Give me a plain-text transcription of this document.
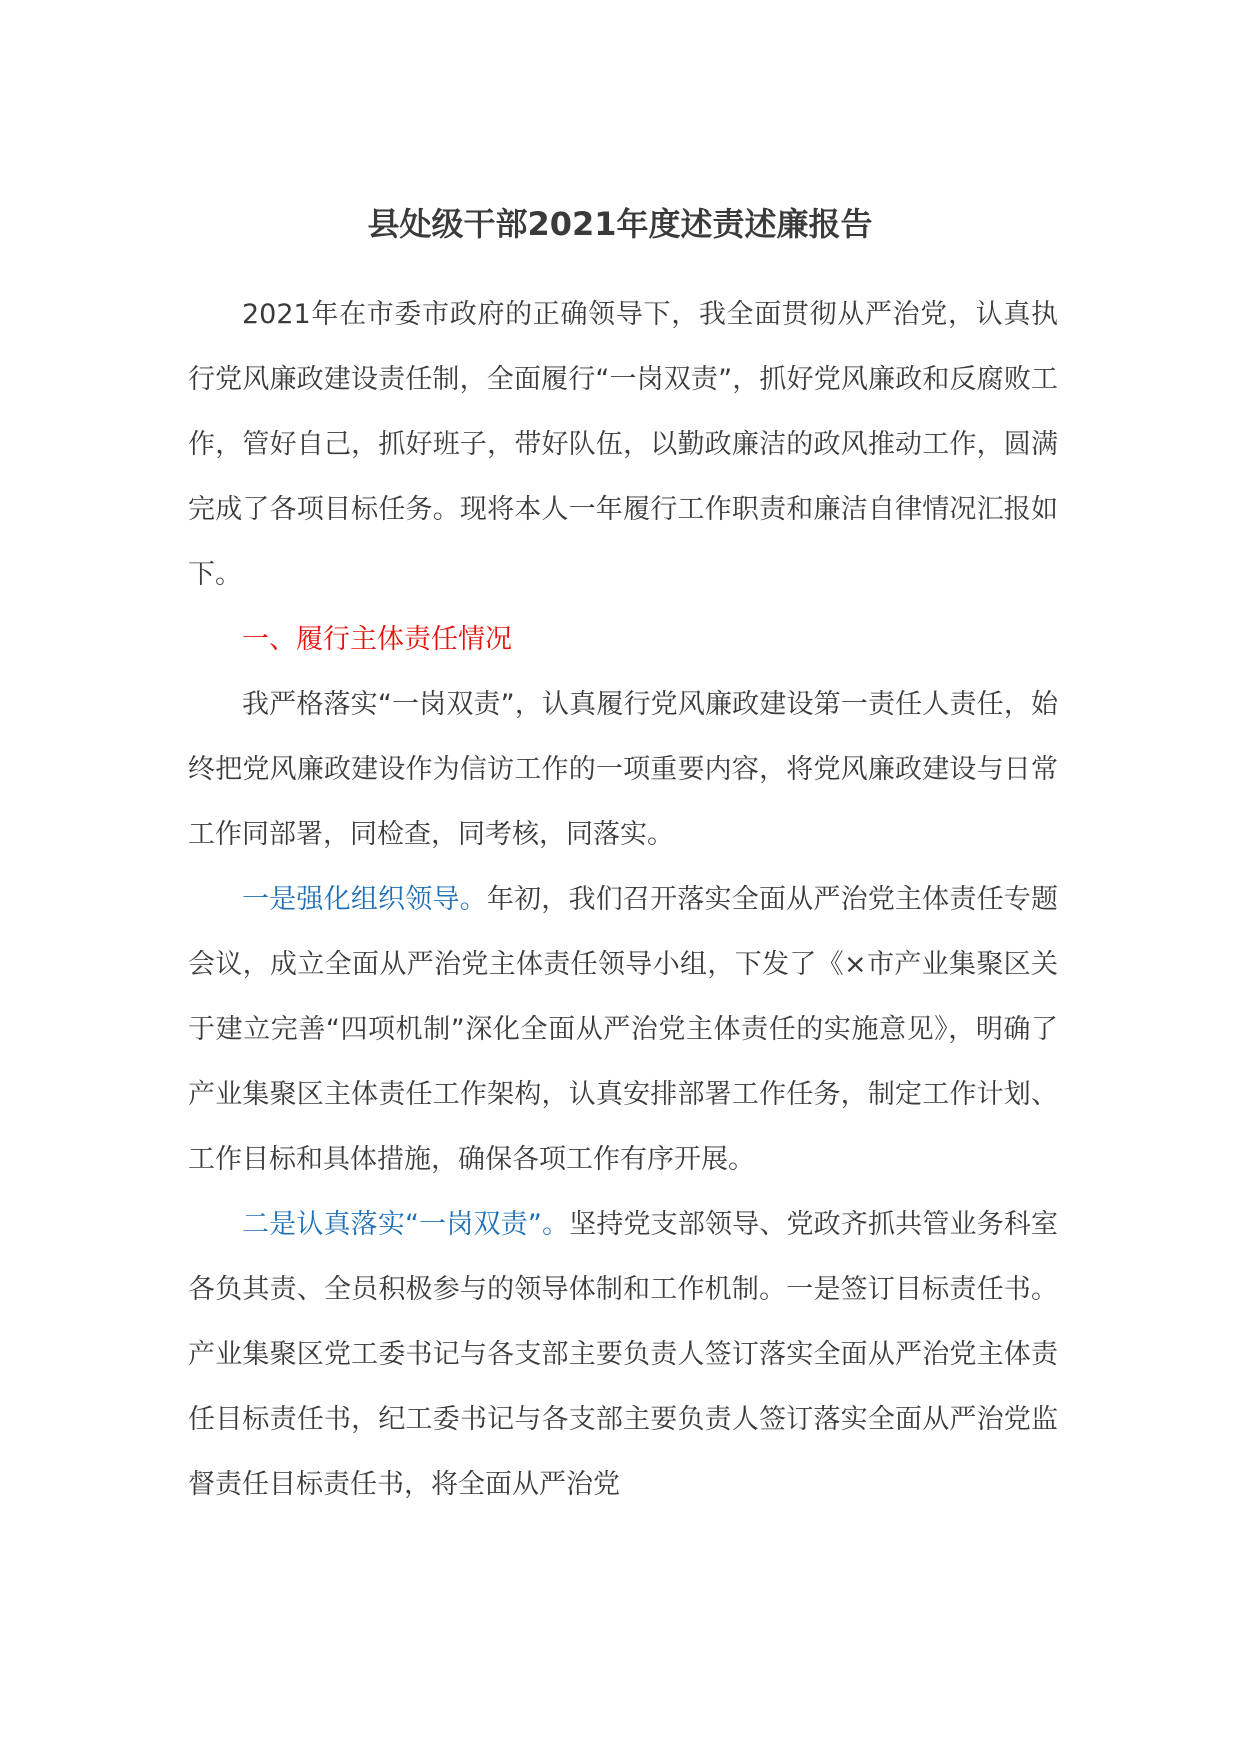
县处级干部2021年度述责述廉报告

2021年在市委市政府的正确领导下，我全面贯彻从严治党，认真执行党风廉政建设责任制，全面履行“一岗双责”，抓好党风廉政和反腐败工作，管好自己，抓好班子，带好队伍，以勤政廉洁的政风推动工作，圆满完成了各项目标任务。现将本人一年履行工作职责和廉洁自律情况汇报如下。

一、履行主体责任情况

我严格落实“一岗双责”，认真履行党风廉政建设第一责任人责任，始终把党风廉政建设作为信访工作的一项重要内容，将党风廉政建设与日常工作同部署，同检查，同考核，同落实。

一是强化组织领导。年初，我们召开落实全面从严治党主体责任专题会议，成立全面从严治党主体责任领导小组，下发了《×市产业集聚区关于建立完善“四项机制”深化全面从严治党主体责任的实施意见》，明确了产业集聚区主体责任工作架构，认真安排部署工作任务，制定工作计划、工作目标和具体措施，确保各项工作有序开展。

二是认真落实“一岗双责”。坚持党支部领导、党政齐抓共管业务科室各负其责、全员积极参与的领导体制和工作机制。一是签订目标责任书。产业集聚区党工委书记与各支部主要负责人签订落实全面从严治党主体责任目标责任书，纪工委书记与各支部主要负责人签订落实全面从严治党监督责任目标责任书，将全面从严治党
